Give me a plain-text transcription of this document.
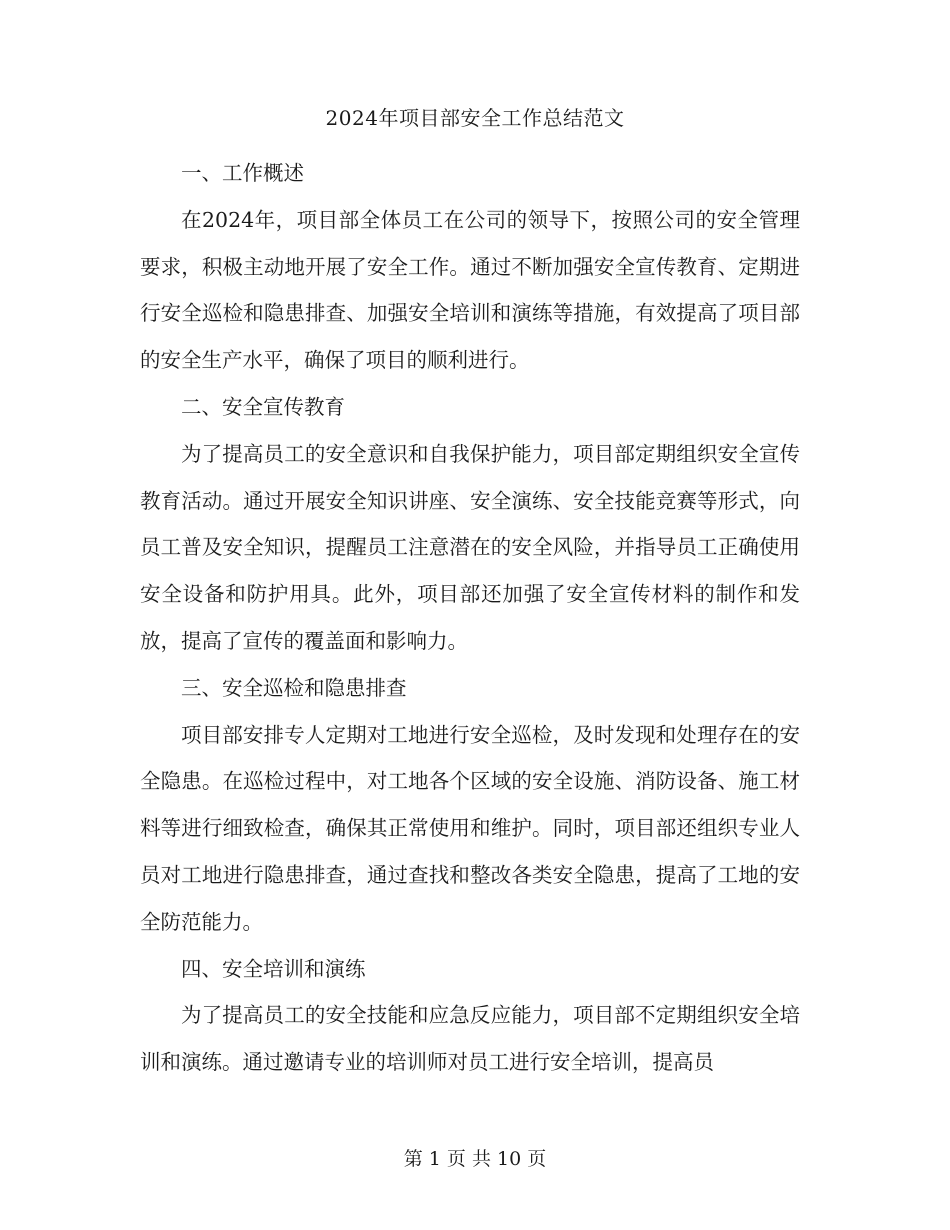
2024年项目部安全工作总结范文

一、工作概述

在2024年，项目部全体员工在公司的领导下，按照公司的安全管理要求，积极主动地开展了安全工作。通过不断加强安全宣传教育、定期进行安全巡检和隐患排查、加强安全培训和演练等措施，有效提高了项目部的安全生产水平，确保了项目的顺利进行。

二、安全宣传教育

为了提高员工的安全意识和自我保护能力，项目部定期组织安全宣传教育活动。通过开展安全知识讲座、安全演练、安全技能竞赛等形式，向员工普及安全知识，提醒员工注意潜在的安全风险，并指导员工正确使用安全设备和防护用具。此外，项目部还加强了安全宣传材料的制作和发放，提高了宣传的覆盖面和影响力。

三、安全巡检和隐患排查

项目部安排专人定期对工地进行安全巡检，及时发现和处理存在的安全隐患。在巡检过程中，对工地各个区域的安全设施、消防设备、施工材料等进行细致检查，确保其正常使用和维护。同时，项目部还组织专业人员对工地进行隐患排查，通过查找和整改各类安全隐患，提高了工地的安全防范能力。

四、安全培训和演练

为了提高员工的安全技能和应急反应能力，项目部不定期组织安全培训和演练。通过邀请专业的培训师对员工进行安全培训，提高员

第 1 页 共 10 页
